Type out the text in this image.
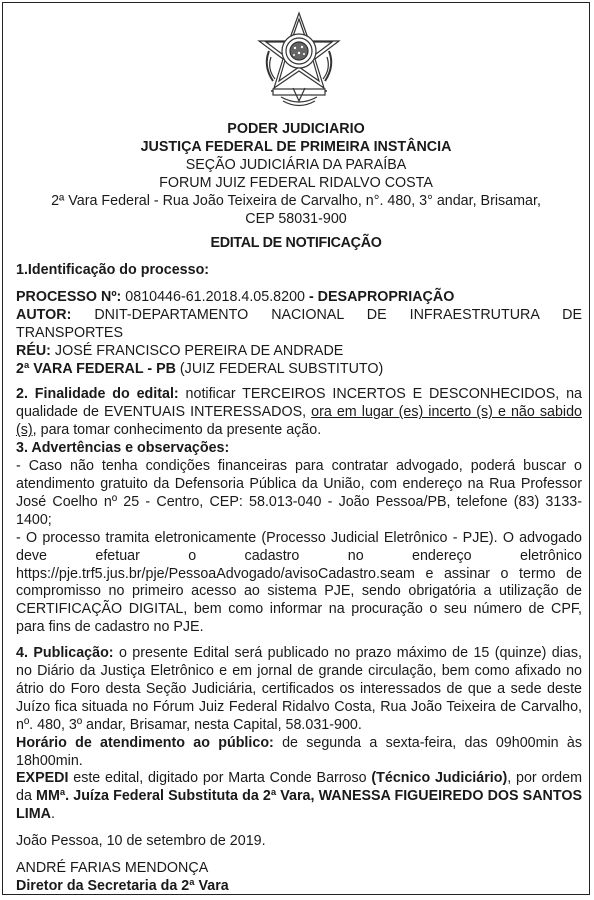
PODER JUDICIARIO
JUSTIÇA FEDERAL DE PRIMEIRA INSTÂNCIA
SEÇÃO JUDICIÁRIA DA PARAÍBA
FORUM JUIZ FEDERAL RIDALVO COSTA
2ª Vara Federal - Rua João Teixeira de Carvalho, n°. 480, 3° andar, Brisamar,
CEP 58031-900
EDITAL DE NOTIFICAÇÃO

1.Identificação do processo:

PROCESSO Nº: 0810446-61.2018.4.05.8200 - DESAPROPRIAÇÃO

AUTOR: DNIT-DEPARTAMENTO NACIONAL DE INFRAESTRUTURA DE TRANSPORTES

RÉU: JOSÉ FRANCISCO PEREIRA DE ANDRADE

2ª VARA FEDERAL - PB (JUIZ FEDERAL SUBSTITUTO)

2. Finalidade do edital: notificar TERCEIROS INCERTOS E DESCONHECIDOS, na qualidade de EVENTUAIS INTERESSADOS, ora em lugar (es) incerto (s) e não sabido (s), para tomar conhecimento da presente ação.

3. Advertências e observações:

- Caso não tenha condições financeiras para contratar advogado, poderá buscar o atendimento gratuito da Defensoria Pública da União, com endereço na Rua Professor José Coelho nº 25 - Centro, CEP: 58.013-040 - João Pessoa/PB, telefone (83) 3133-1400;

- O processo tramita eletronicamente (Processo Judicial Eletrônico - PJE). O advogado deve efetuar o cadastro no endereço eletrônico https://pje.trf5.jus.br/pje/PessoaAdvogado/avisoCadastro.seam e assinar o termo de compromisso no primeiro acesso ao sistema PJE, sendo obrigatória a utilização de CERTIFICAÇÃO DIGITAL, bem como informar na procuração o seu número de CPF, para fins de cadastro no PJE.

4. Publicação: o presente Edital será publicado no prazo máximo de 15 (quinze) dias, no Diário da Justiça Eletrônico e em jornal de grande circulação, bem como afixado no átrio do Foro desta Seção Judiciária, certificados os interessados de que a sede deste Juízo fica situada no Fórum Juiz Federal Ridalvo Costa, Rua João Teixeira de Carvalho, nº. 480, 3º andar, Brisamar, nesta Capital, 58.031-900.

Horário de atendimento ao público: de segunda a sexta-feira, das 09h00min às 18h00min.

EXPEDI este edital, digitado por Marta Conde Barroso (Técnico Judiciário), por ordem da MMª. Juíza Federal Substituta da 2ª Vara, WANESSA FIGUEIREDO DOS SANTOS LIMA.

João Pessoa, 10 de setembro de 2019.

ANDRÉ FARIAS MENDONÇA

Diretor da Secretaria da 2ª Vara
